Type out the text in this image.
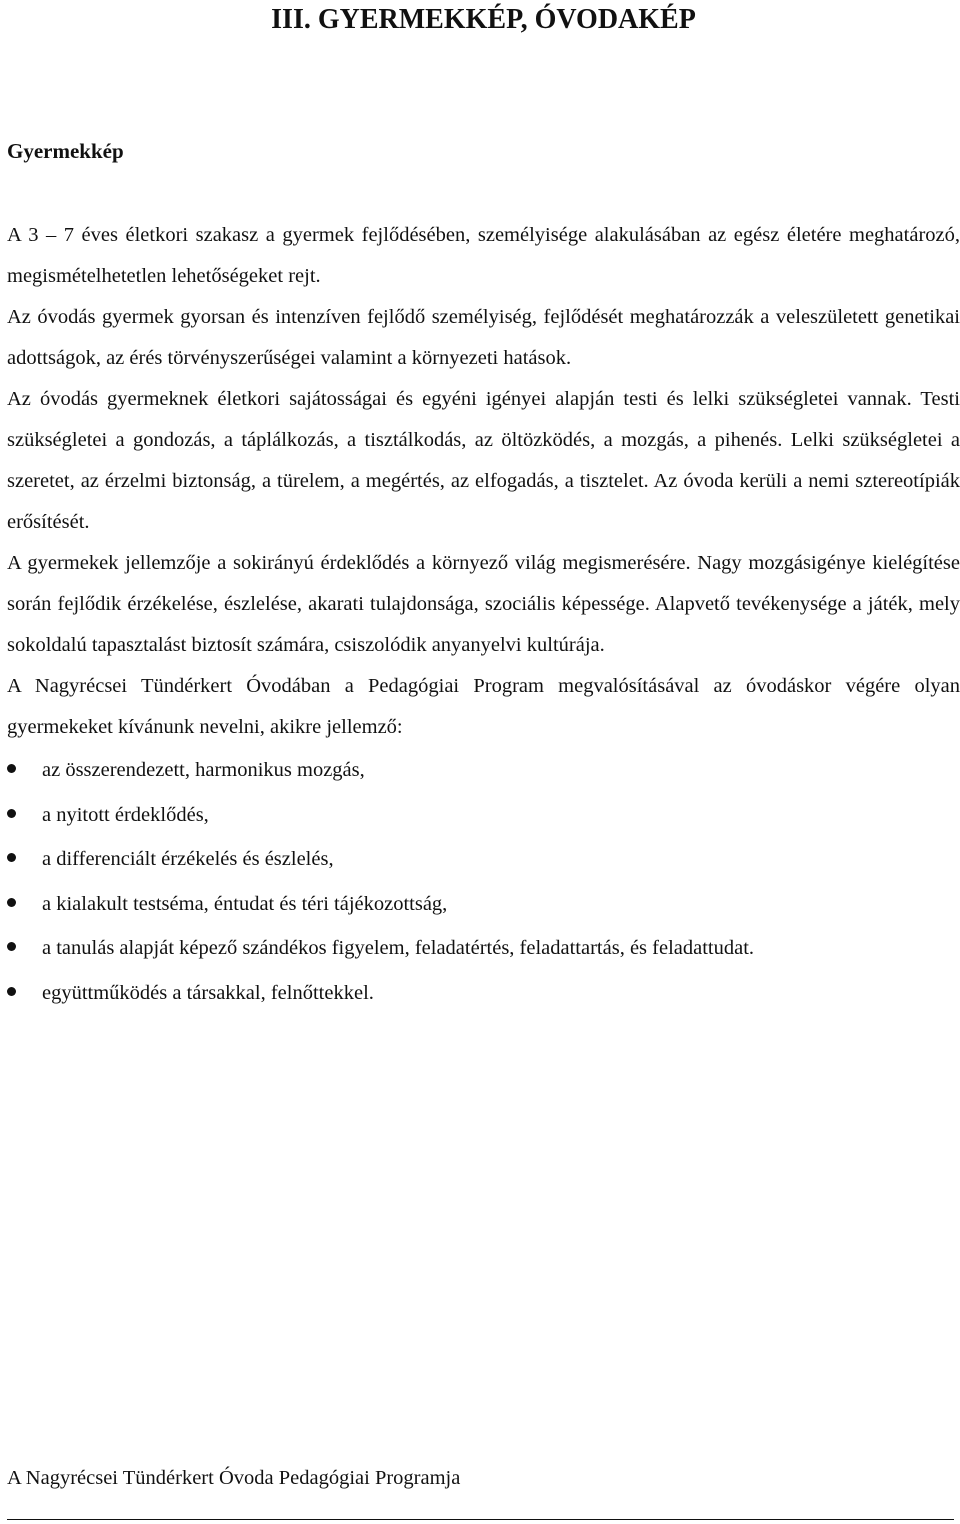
III. GYERMEKKÉP, ÓVODAKÉP
Gyermekkép

A 3 – 7 éves életkori szakasz a gyermek fejlődésében, személyisége alakulásában az egész életére meghatározó, megismételhetetlen lehetőségeket rejt.

Az óvodás gyermek gyorsan és intenzíven fejlődő személyiség, fejlődését meghatározzák a veleszületett genetikai adottságok, az érés törvényszerűségei valamint a környezeti hatások.

Az óvodás gyermeknek életkori sajátosságai és egyéni igényei alapján testi és lelki szükségletei vannak. Testi szükségletei a gondozás, a táplálkozás, a tisztálkodás, az öltözködés, a mozgás, a pihenés. Lelki szükségletei a szeretet, az érzelmi biztonság, a türelem, a megértés, az elfogadás, a tisztelet. Az óvoda kerüli a nemi sztereotípiák erősítését.

A gyermekek jellemzője a sokirányú érdeklődés a környező világ megismerésére. Nagy mozgásigénye kielégítése során fejlődik érzékelése, észlelése, akarati tulajdonsága, szociális képessége. Alapvető tevékenysége a játék, mely sokoldalú tapasztalást biztosít számára, csiszolódik anyanyelvi kultúrája.

A Nagyrécsei Tündérkert Óvodában a Pedagógiai Program megvalósításával az óvodáskor végére olyan gyermekeket kívánunk nevelni, akikre jellemző:

az összerendezett, harmonikus mozgás,
a nyitott érdeklődés,
a differenciált érzékelés és észlelés,
a kialakult testséma, éntudat és téri tájékozottság,
a tanulás alapját képező szándékos figyelem, feladatértés, feladattartás, és feladattudat.
együttműködés a társakkal, felnőttekkel.

A Nagyrécsei Tündérkert Óvoda Pedagógiai Programja
